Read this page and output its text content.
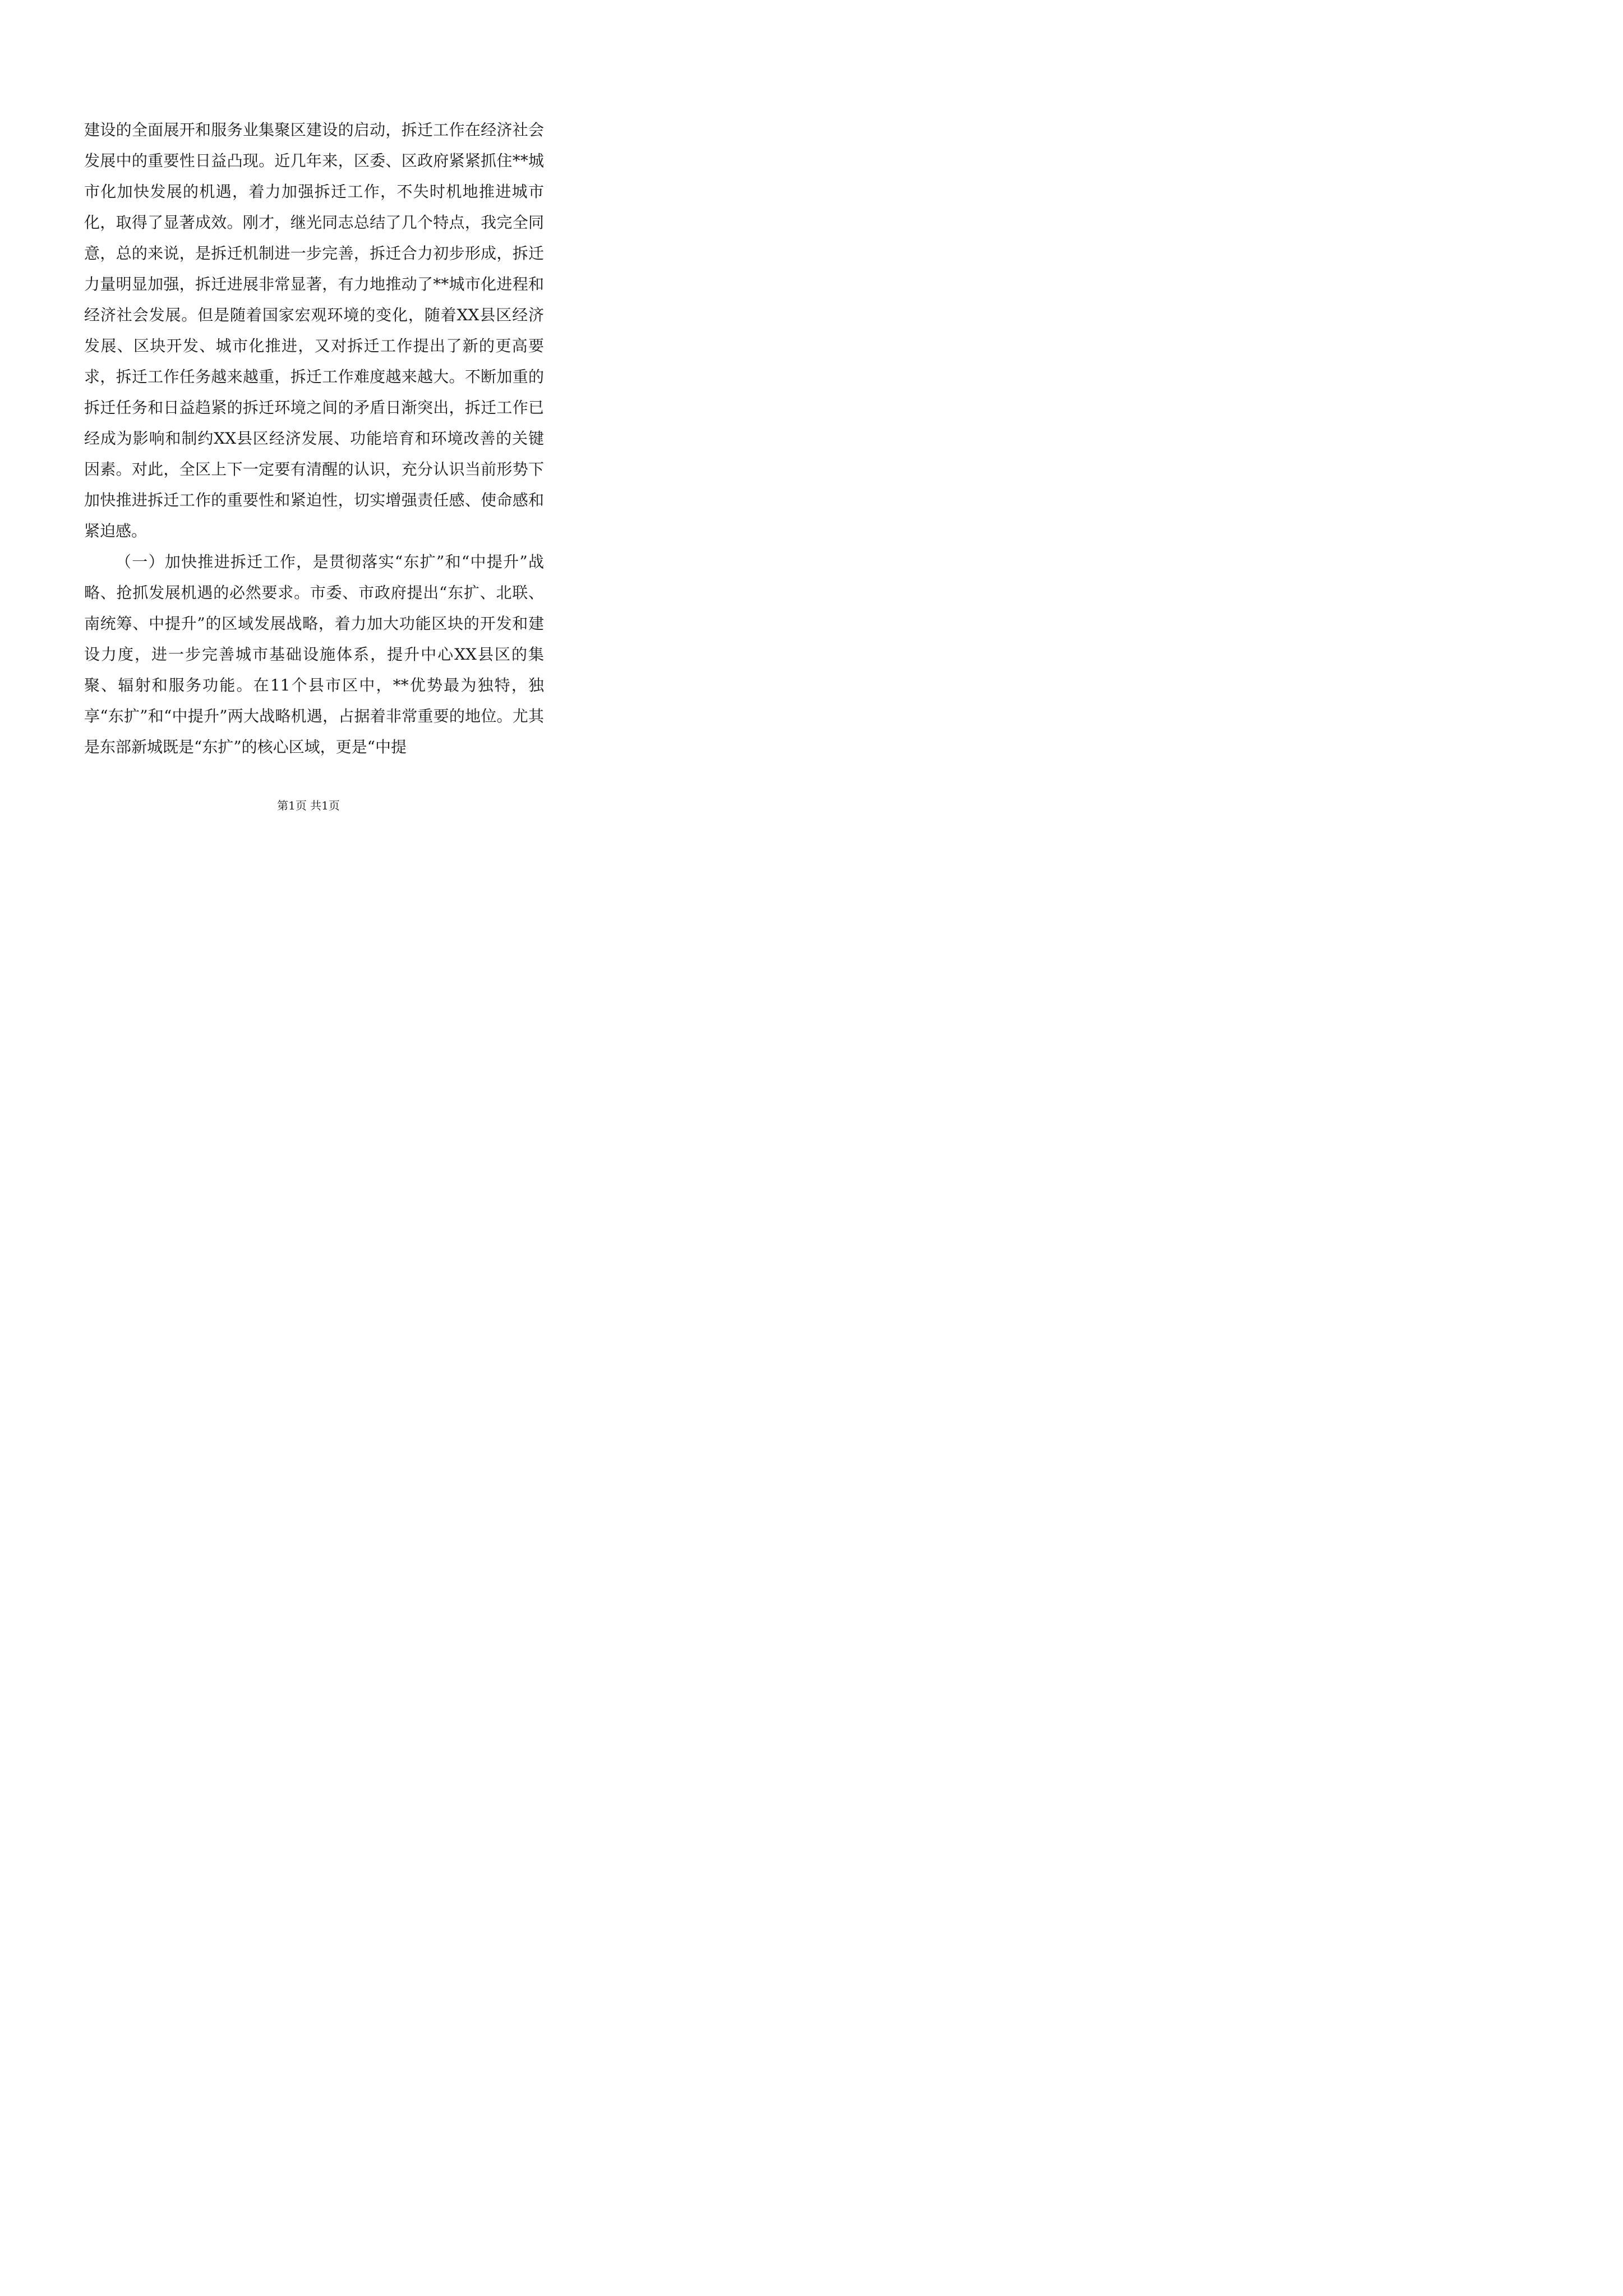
建设的全面展开和服务业集聚区建设的启动，拆迁工作在经济社会发展中的重要性日益凸现。近几年来，区委、区政府紧紧抓住**城市化加快发展的机遇，着力加强拆迁工作，不失时机地推进城市化，取得了显著成效。刚才，继光同志总结了几个特点，我完全同意，总的来说，是拆迁机制进一步完善，拆迁合力初步形成，拆迁力量明显加强，拆迁进展非常显著，有力地推动了**城市化进程和经济社会发展。但是随着国家宏观环境的变化，随着XX县区经济发展、区块开发、城市化推进，又对拆迁工作提出了新的更高要求，拆迁工作任务越来越重，拆迁工作难度越来越大。不断加重的拆迁任务和日益趋紧的拆迁环境之间的矛盾日渐突出，拆迁工作已经成为影响和制约XX县区经济发展、功能培育和环境改善的关键因素。对此，全区上下一定要有清醒的认识，充分认识当前形势下加快推进拆迁工作的重要性和紧迫性，切实增强责任感、使命感和紧迫感。

（一）加快推进拆迁工作，是贯彻落实“东扩”和“中提升”战略、抢抓发展机遇的必然要求。市委、市政府提出“东扩、北联、南统筹、中提升”的区域发展战略，着力加大功能区块的开发和建设力度，进一步完善城市基础设施体系，提升中心XX县区的集聚、辐射和服务功能。在11个县市区中，**优势最为独特，独享“东扩”和“中提升”两大战略机遇，占据着非常重要的地位。尤其是东部新城既是“东扩”的核心区域，更是“中提

第1页 共1页
